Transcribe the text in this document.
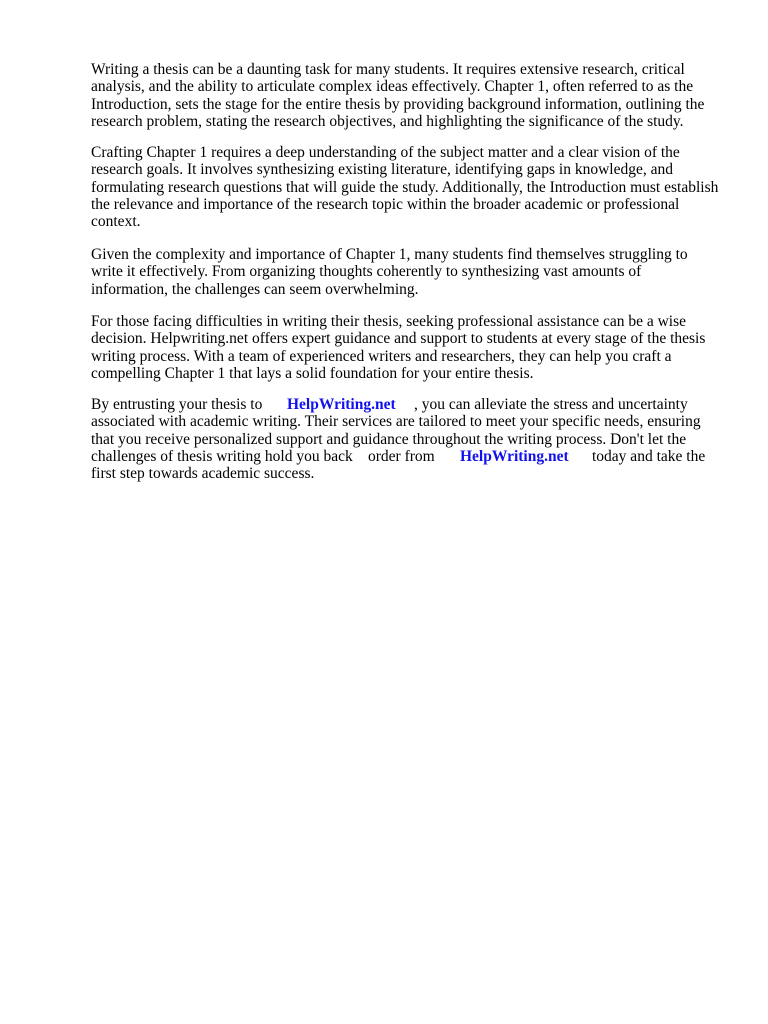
Writing a thesis can be a daunting task for many students. It requires extensive research, critical
analysis, and the ability to articulate complex ideas effectively. Chapter 1, often referred to as the
Introduction, sets the stage for the entire thesis by providing background information, outlining the
research problem, stating the research objectives, and highlighting the significance of the study.
Crafting Chapter 1 requires a deep understanding of the subject matter and a clear vision of the
research goals. It involves synthesizing existing literature, identifying gaps in knowledge, and
formulating research questions that will guide the study. Additionally, the Introduction must establish
the relevance and importance of the research topic within the broader academic or professional
context.
Given the complexity and importance of Chapter 1, many students find themselves struggling to
write it effectively. From organizing thoughts coherently to synthesizing vast amounts of
information, the challenges can seem overwhelming.
For those facing difficulties in writing their thesis, seeking professional assistance can be a wise
decision. Helpwriting.net offers expert guidance and support to students at every stage of the thesis
writing process. With a team of experienced writers and researchers, they can help you craft a
compelling Chapter 1 that lays a solid foundation for your entire thesis.
By entrusting your thesis to HelpWriting.net , you can alleviate the stress and uncertainty
associated with academic writing. Their services are tailored to meet your specific needs, ensuring
that you receive personalized support and guidance throughout the writing process. Don't let the
challenges of thesis writing hold you back order from HelpWriting.net today and take the
first step towards academic success.
